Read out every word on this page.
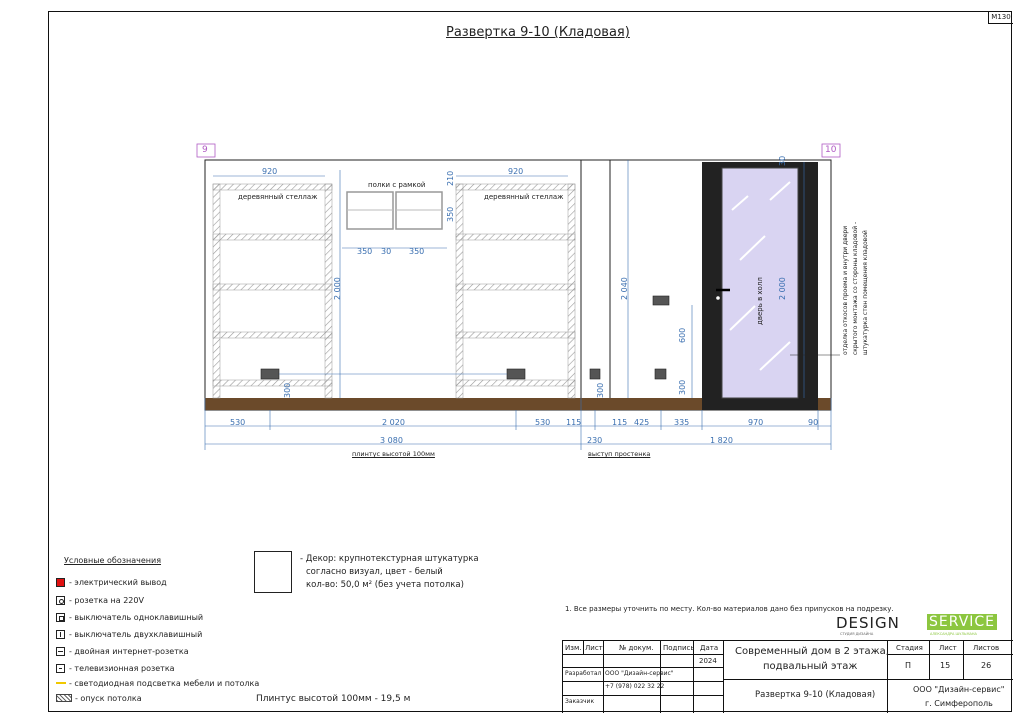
M130
Развертка 9-10 (Кладовая)
9	10
деревянный стеллаж	деревянный стеллаж
полки с рамкой
дверь в холл	отделка откосов проема и внутри двери скрытого монтажа со стороны кладовой - штукатурка стен помещения кладовой
плинтус высотой 100мм	выступ простенка
920	920
350 30 350
210
350
2 000	2 040	2 000
30
600
300	300	300
530	2 020	530 115	115 425	335	970	90
3 080	230	1 820
Условные обозначения
- электрический вывод
- розетка на 220V
- выключатель одноклавишный
- выключатель двухклавишный
- двойная интернет-розетка
- телевизионная розетка
- светодиодная подсветка мебели и потолка
- опуск потолка
- Декор: крупнотекстурная штукатурка
согласно визуал, цвет - белый
кол-во: 50,0 м² (без учета потолка)
Плинтус высотой 100мм - 19,5 м
1. Все размеры уточнить по месту. Кол-во материалов дано без припусков на подрезку.
DESIGN SERVICE
СТУДИЯ ДИЗАЙНА	АЛЕКСАНДРА ШУЛЬМАНА
Изм. Лист № докум. Подпись Дата
2024
Разработал ООО "Дизайн-сервис"
+7 (978) 022 32 22
Заказчик
Современный дом в 2 этажа,
подвальный этаж
Развертка 9-10 (Кладовая)
Стадия Лист Листов
П	15	26
ООО "Дизайн-сервис"
г. Симферополь
